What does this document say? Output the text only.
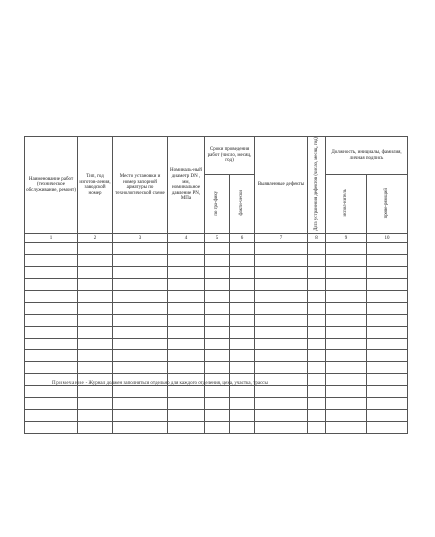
Наименование работ (техническое обслуживание, ремонт)	Тип, год изготов-ления, заводской номер	Место установки и номер запорной арматуры по технологической схеме	Номиналь-ный диаметр DN , мм, номинальное давление PN, МПа	Сроки проведения работ (число, месяц, год)		Выявленные дефекты	Дата устранения дефектов (число, месяц, год)	Должность, инициалы, фамилия, личная подпись	
				по гра-фику	факти-чески			испол-нитель	прове-ряющий
1	2	3	4	5	6	7	8	9	10

Примечание - Журнал должен заполняться отдельно для каждого отделения, цеха, участка, трассы
